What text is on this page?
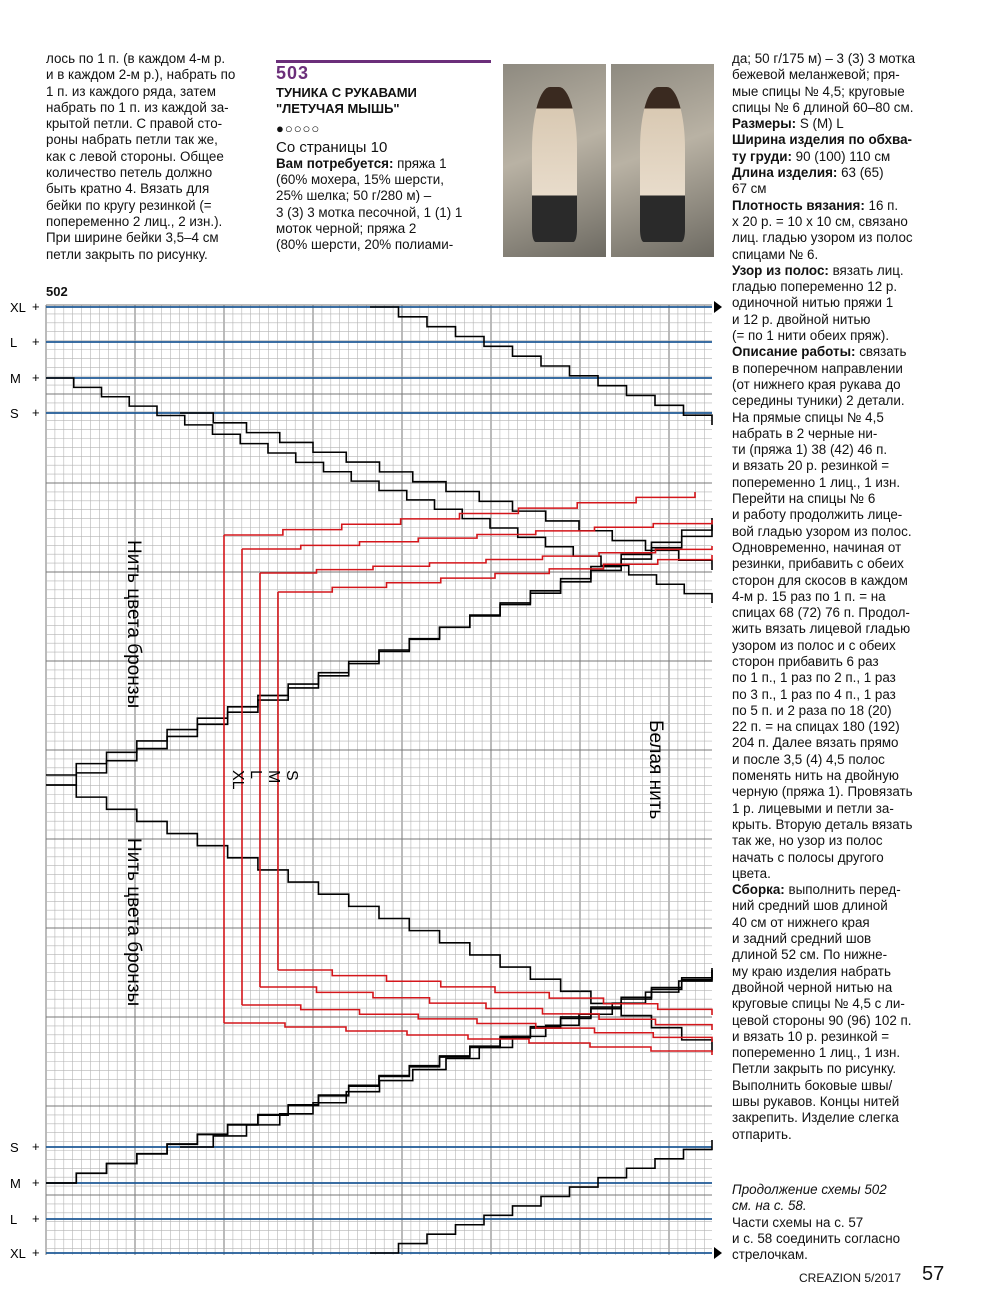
лось по 1 п. (в каждом 4-м р.

и в каждом 2-м р.), набрать по

1 п. из каждого ряда, затем

набрать по 1 п. из каждой за-

крытой петли. С правой сто-

роны набрать петли так же,

как с левой стороны. Общее

количество петель должно

быть кратно 4. Вязать для

бейки по кругу резинкой (=

попеременно 2 лиц., 2 изн.).

При ширине бейки 3,5–4 см

петли закрыть по рисунку.

503
ТУНИКА С РУКАВАМИ
"ЛЕТУЧАЯ МЫШЬ"
●○○○○
Со страницы 10
Вам потребуется: пряжа 1
(60% мохера, 15% шерсти,
25% шелка; 50 г/280 м) –
3 (3) 3 мотка песочной, 1 (1) 1
моток черной; пряжа 2
(80% шерсти, 20% полиами-

да; 50 г/175 м) – 3 (3) 3 мотка

бежевой меланжевой; пря-

мые спицы № 4,5; круговые

спицы № 6 длиной 60–80 см.

Размеры: S (M) L

Ширина изделия по обхва-

ту груди: 90 (100) 110 см

Длина изделия: 63 (65)

67 см

Плотность вязания: 16 п.

x 20 р. = 10 x 10 см, связано

лиц. гладью узором из полос

спицами № 6.

Узор из полос: вязать лиц.

гладью попеременно 12 р.

одиночной нитью пряжи 1

и 12 р. двойной нитью

(= по 1 нити обеих пряж).

Описание работы: связать

в поперечном направлении

(от нижнего края рукава до

середины туники) 2 детали.

На прямые спицы № 4,5

набрать в 2 черные ни-

ти (пряжа 1) 38 (42) 46 п.

и вязать 20 р. резинкой =

попеременно 1 лиц., 1 изн.

Перейти на спицы № 6

и работу продолжить лице-

вой гладью узором из полос.

Одновременно, начиная от

резинки, прибавить с обеих

сторон для скосов в каждом

4-м р. 15 раз по 1 п. = на

спицах 68 (72) 76 п. Продол-

жить вязать лицевой гладью

узором из полос и с обеих

сторон прибавить 6 раз

по 1 п., 1 раз по 2 п., 1 раз

по 3 п., 1 раз по 4 п., 1 раз

по 5 п. и 2 раза по 18 (20)

22 п. = на спицах 180 (192)

204 п. Далее вязать прямо

и после 3,5 (4) 4,5 полос

поменять нить на двойную

черную (пряжа 1). Провязать

1 р. лицевыми и петли за-

крыть. Вторую деталь вязать

так же, но узор из полос

начать с полосы другого

цвета.

Сборка: выполнить перед-

ний средний шов длиной

40 см от нижнего края

и задний средний шов

длиной 52 см. По нижне-

му краю изделия набрать

двойной черной нитью на

круговые спицы № 4,5 с ли-

цевой стороны 90 (96) 102 п.

и вязать 10 р. резинкой =

попеременно 1 лиц., 1 изн.

Петли закрыть по рисунку.

Выполнить боковые швы/

швы рукавов. Концы нитей

закрепить. Изделие слегка

отпарить.

502
XL +
L +
M +
S +
S +
M +
L +
XL +
S
M
L
XL
Нить цвета бронзы
Нить цвета бронзы
Белая нить
Продолжение схемы 502
см. на с. 58.
Части схемы на с. 57
и с. 58 соединить согласно
стрелочкам.
CREAZION 5/2017 57
